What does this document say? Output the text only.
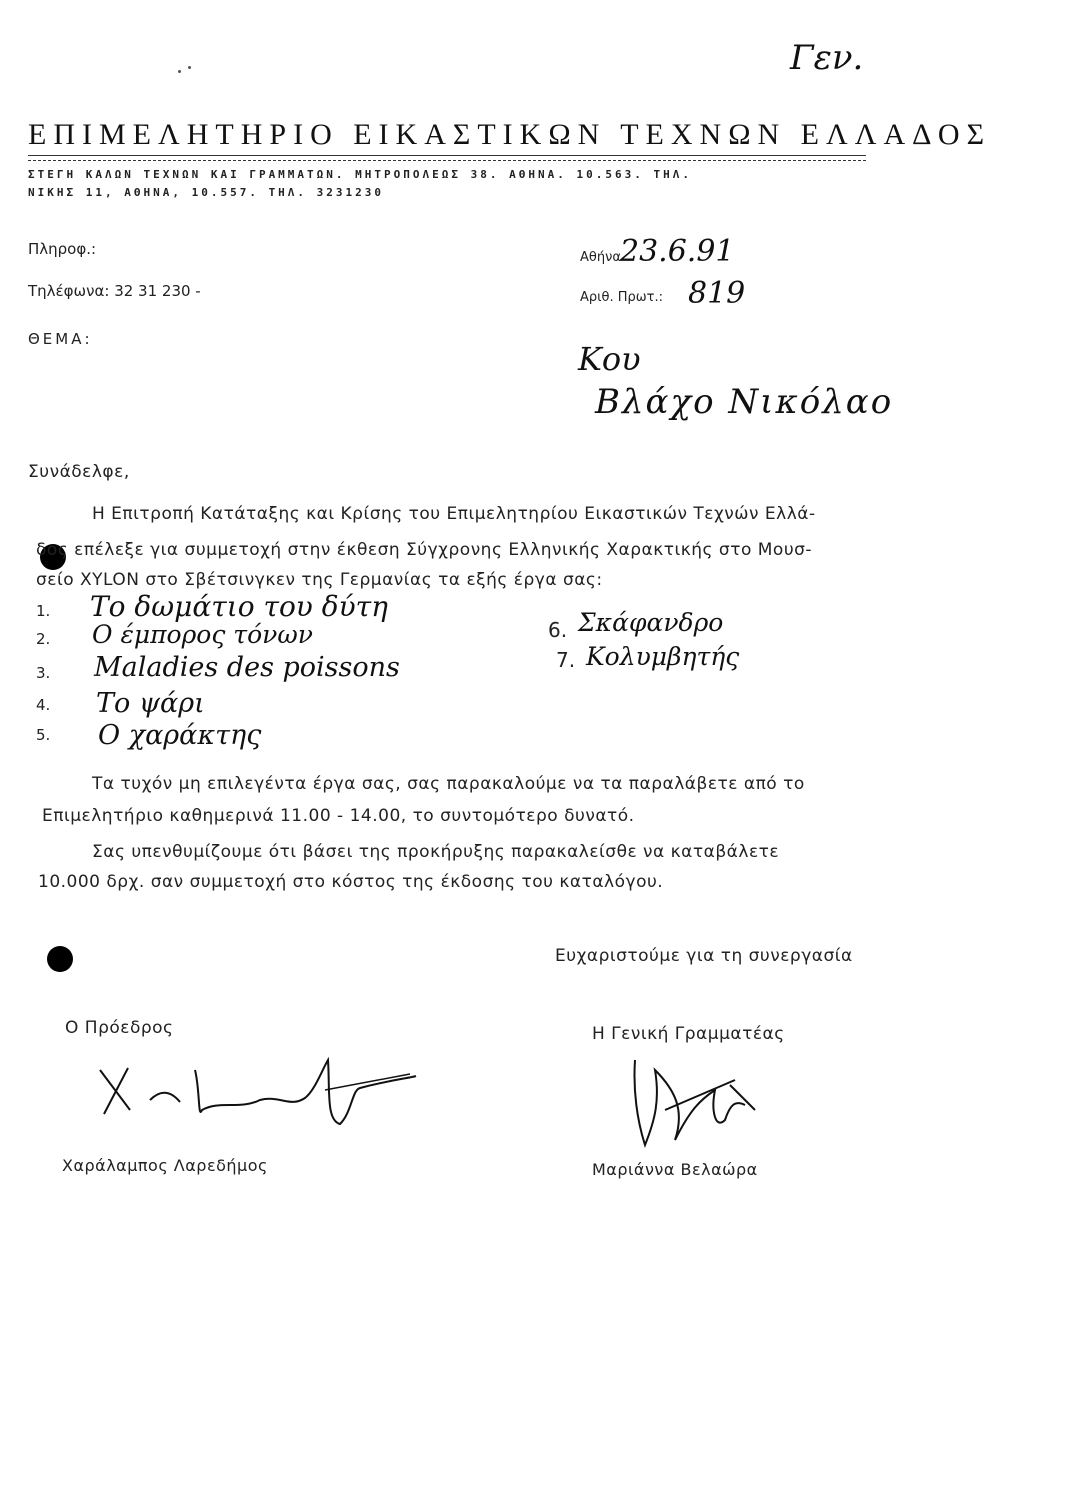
Γεν.
ΕΠΙΜΕΛΗΤΗΡΙΟ ΕΙΚΑΣΤΙΚΩΝ ΤΕΧΝΩΝ ΕΛΛΑΔΟΣ
ΣΤΕΓΗ ΚΑΛΩΝ ΤΕΧΝΩΝ ΚΑΙ ΓΡΑΜΜΑΤΩΝ. ΜΗΤΡΟΠΟΛΕΩΣ 38. ΑΘΗΝΑ. 10.563. ΤΗΛ.
ΝΙΚΗΣ 11, ΑΘΗΝΑ, 10.557. ΤΗΛ. 3231230
Πληροφ.:
Τηλέφωνα: 32 31 230 -
ΘΕΜΑ:
Αθήνα 23.6.91
Αριθ. Πρωτ.: 819
Κου
Βλάχο Νικόλαο
Συνάδελφε,
Η Επιτροπή Κατάταξης και Κρίσης του Επιμελητηρίου Εικαστικών Τεχνών Ελλά-
δος επέλεξε για συμμετοχή στην έκθεση Σύγχρονης Ελληνικής Χαρακτικής στο Μουσ-
σείο XYLON στο Σβέτσινγκεν της Γερμανίας τα εξής έργα σας:
1. Το δωμάτιο του δύτη
2. Ο έμπορος τόνων
3. Maladies des poissons
4. Το ψάρι
5. Ο χαράκτης
6. Σκάφανδρο
7. Κολυμβητής
Τα τυχόν μη επιλεγέντα έργα σας, σας παρακαλούμε να τα παραλάβετε από το
Επιμελητήριο καθημερινά 11.00 - 14.00, το συντομότερο δυνατό.
Σας υπενθυμίζουμε ότι βάσει της προκήρυξης παρακαλείσθε να καταβάλετε
10.000 δρχ. σαν συμμετοχή στο κόστος της έκδοσης του καταλόγου.
Ευχαριστούμε για τη συνεργασία
Ο Πρόεδρος	Η Γενική Γραμματέας
Χαράλαμπος Λαρεδήμος	Μαριάννα Βελαώρα
